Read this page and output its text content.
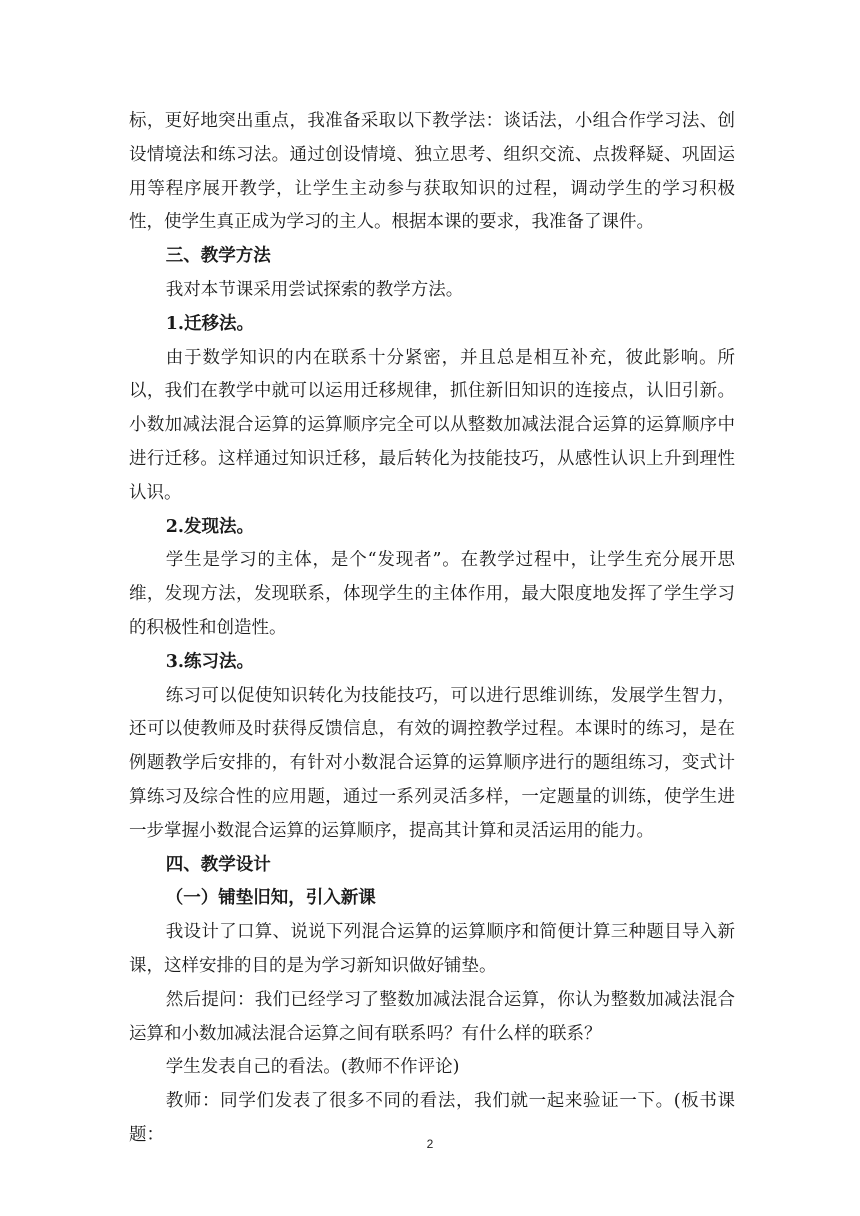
标，更好地突出重点，我准备采取以下教学法：谈话法，小组合作学习法、创设情境法和练习法。通过创设情境、独立思考、组织交流、点拨释疑、巩固运用等程序展开教学，让学生主动参与获取知识的过程，调动学生的学习积极性，使学生真正成为学习的主人。根据本课的要求，我准备了课件。

三、教学方法

我对本节课采用尝试探索的教学方法。

1.迁移法。

由于数学知识的内在联系十分紧密，并且总是相互补充，彼此影响。所以，我们在教学中就可以运用迁移规律，抓住新旧知识的连接点，认旧引新。小数加减法混合运算的运算顺序完全可以从整数加减法混合运算的运算顺序中进行迁移。这样通过知识迁移，最后转化为技能技巧，从感性认识上升到理性认识。

2.发现法。

学生是学习的主体，是个“发现者”。在教学过程中，让学生充分展开思维，发现方法，发现联系，体现学生的主体作用，最大限度地发挥了学生学习的积极性和创造性。

3.练习法。

练习可以促使知识转化为技能技巧，可以进行思维训练，发展学生智力，还可以使教师及时获得反馈信息，有效的调控教学过程。本课时的练习，是在例题教学后安排的，有针对小数混合运算的运算顺序进行的题组练习，变式计算练习及综合性的应用题，通过一系列灵活多样，一定题量的训练，使学生进一步掌握小数混合运算的运算顺序，提高其计算和灵活运用的能力。

四、教学设计

（一）铺垫旧知，引入新课

我设计了口算、说说下列混合运算的运算顺序和简便计算三种题目导入新课，这样安排的目的是为学习新知识做好铺垫。

然后提问：我们已经学习了整数加减法混合运算，你认为整数加减法混合运算和小数加减法混合运算之间有联系吗？有什么样的联系？

学生发表自己的看法。(教师不作评论)

教师：同学们发表了很多不同的看法，我们就一起来验证一下。(板书课题：	2
